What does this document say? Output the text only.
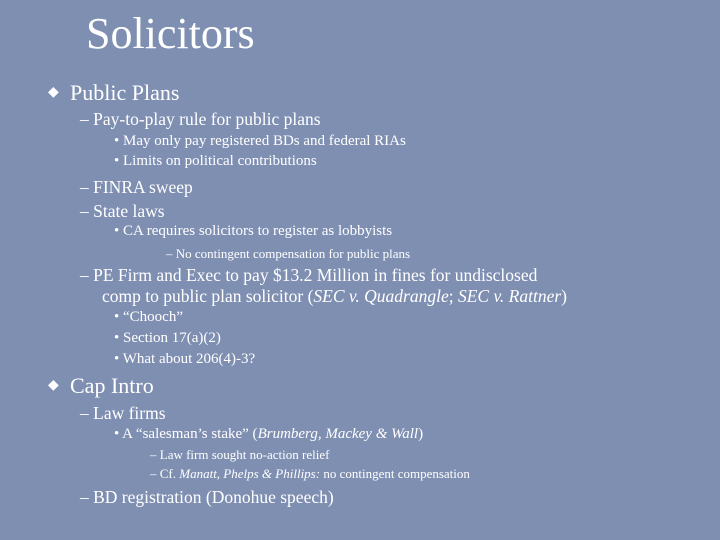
Solicitors
◆ Public Plans
– Pay-to-play rule for public plans
• May only pay registered BDs and federal RIAs
• Limits on political contributions
– FINRA sweep
– State laws
• CA requires solicitors to register as lobbyists
– No contingent compensation for public plans
– PE Firm and Exec to pay $13.2 Million in fines for undisclosed
comp to public plan solicitor (SEC v. Quadrangle; SEC v. Rattner)
• “Chooch”
• Section 17(a)(2)
• What about 206(4)-3?
◆ Cap Intro
– Law firms
• A “salesman’s stake” (Brumberg, Mackey & Wall)
– Law firm sought no-action relief
– Cf. Manatt, Phelps & Phillips: no contingent compensation
– BD registration (Donohue speech)
